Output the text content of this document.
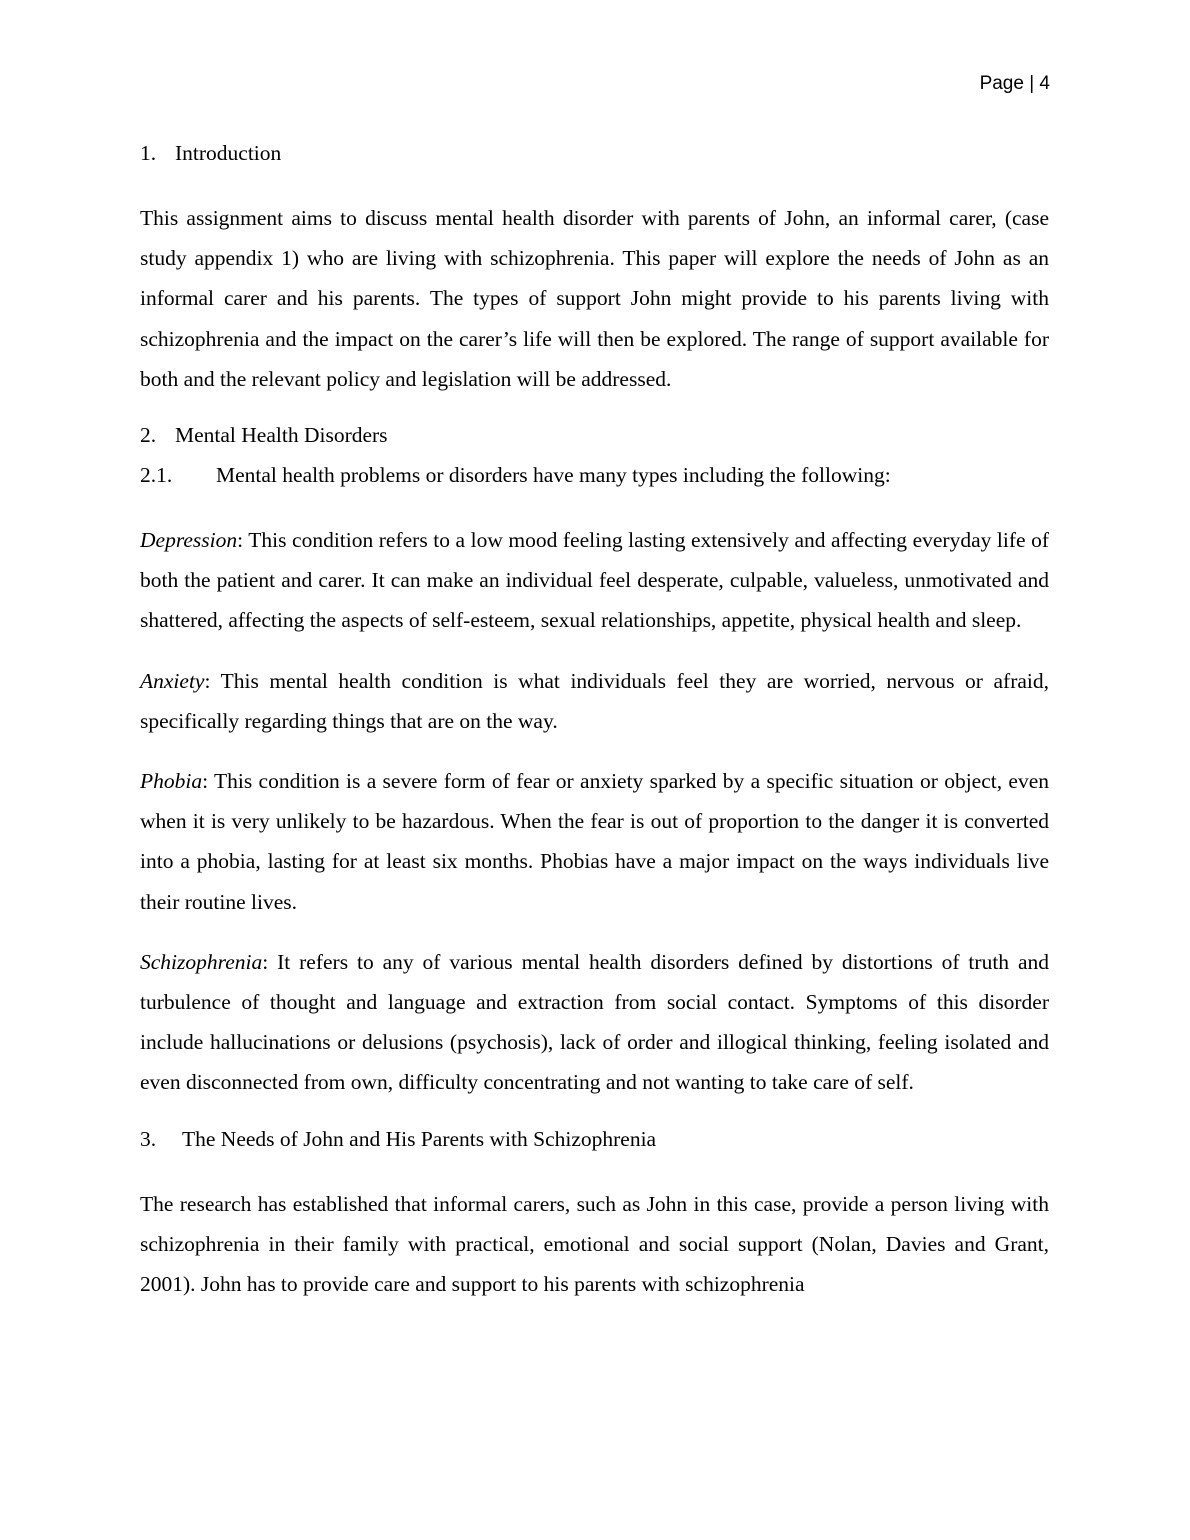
Page | 4
1. Introduction

This assignment aims to discuss mental health disorder with parents of John, an informal carer, (case study appendix 1) who are living with schizophrenia. This paper will explore the needs of John as an informal carer and his parents. The types of support John might provide to his parents living with schizophrenia and the impact on the carer’s life will then be explored. The range of support available for both and the relevant policy and legislation will be addressed.

2. Mental Health Disorders
2.1. Mental health problems or disorders have many types including the following:

Depression: This condition refers to a low mood feeling lasting extensively and affecting everyday life of both the patient and carer. It can make an individual feel desperate, culpable, valueless, unmotivated and shattered, affecting the aspects of self-esteem, sexual relationships, appetite, physical health and sleep.

Anxiety: This mental health condition is what individuals feel they are worried, nervous or afraid, specifically regarding things that are on the way.

Phobia: This condition is a severe form of fear or anxiety sparked by a specific situation or object, even when it is very unlikely to be hazardous. When the fear is out of proportion to the danger it is converted into a phobia, lasting for at least six months. Phobias have a major impact on the ways individuals live their routine lives.

Schizophrenia: It refers to any of various mental health disorders defined by distortions of truth and turbulence of thought and language and extraction from social contact. Symptoms of this disorder include hallucinations or delusions (psychosis), lack of order and illogical thinking, feeling isolated and even disconnected from own, difficulty concentrating and not wanting to take care of self.

3. The Needs of John and His Parents with Schizophrenia

The research has established that informal carers, such as John in this case, provide a person living with schizophrenia in their family with practical, emotional and social support (Nolan, Davies and Grant, 2001). John has to provide care and support to his parents with schizophrenia
